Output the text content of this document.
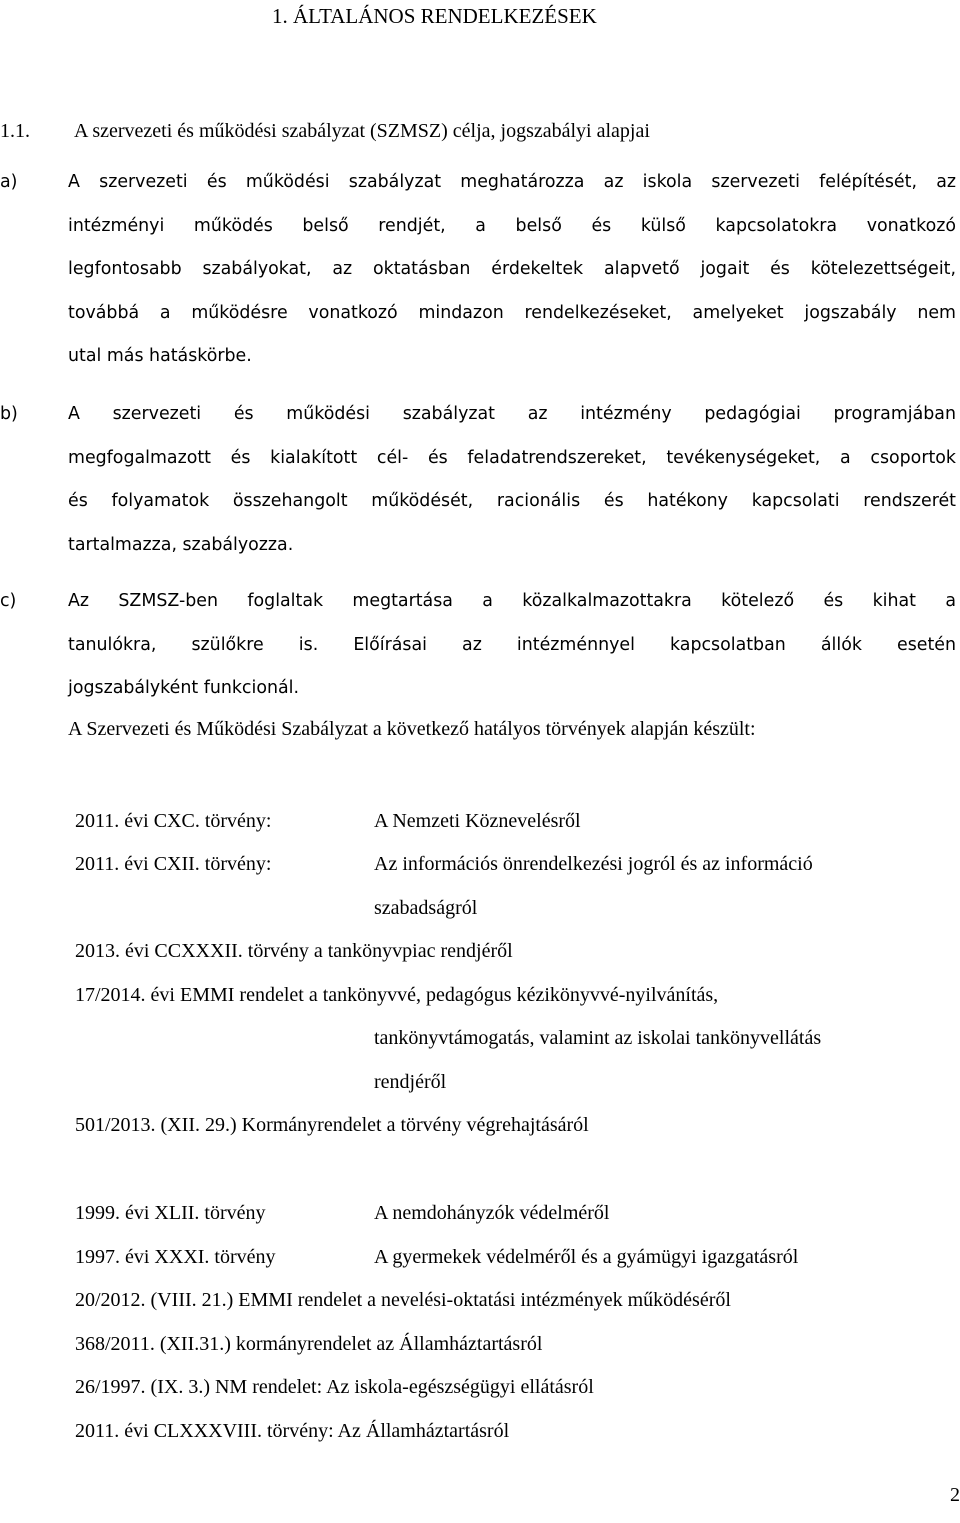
1. ÁLTALÁNOS RENDELKEZÉSEK
1.1. A szervezeti és működési szabályzat (SZMSZ) célja, jogszabályi alapjai
a)	A szervezeti és működési szabályzat meghatározza az iskola szervezeti felépítését, az
intézményi működés belső rendjét, a belső és külső kapcsolatokra vonatkozó
legfontosabb szabályokat, az oktatásban érdekeltek alapvető jogait és kötelezettségeit,
továbbá a működésre vonatkozó mindazon rendelkezéseket, amelyeket jogszabály nem
utal más hatáskörbe.
b)	A szervezeti és működési szabályzat az intézmény pedagógiai programjában
megfogalmazott és kialakított cél- és feladatrendszereket, tevékenységeket, a csoportok
és folyamatok összehangolt működését, racionális és hatékony kapcsolati rendszerét
tartalmazza, szabályozza.
c)	Az SZMSZ-ben foglaltak megtartása a közalkalmazottakra kötelező és kihat a
tanulókra, szülőkre is. Előírásai az intézménnyel kapcsolatban állók esetén
jogszabályként funkcionál.
A Szervezeti és Működési Szabályzat a következő hatályos törvények alapján készült:
2011. évi CXC. törvény:	A Nemzeti Köznevelésről
2011. évi CXII. törvény:	Az információs önrendelkezési jogról és az információ
szabadságról
2013. évi CCXXXII. törvény a tankönyvpiac rendjéről
17/2014. évi EMMI rendelet a tankönyvvé, pedagógus kézikönyvvé-nyilvánítás,
tankönyvtámogatás, valamint az iskolai tankönyvellátás
rendjéről
501/2013. (XII. 29.) Kormányrendelet a törvény végrehajtásáról
1999. évi XLII. törvény	A nemdohányzók védelméről
1997. évi XXXI. törvény	A gyermekek védelméről és a gyámügyi igazgatásról
20/2012. (VIII. 21.) EMMI rendelet a nevelési-oktatási intézmények működéséről
368/2011. (XII.31.) kormányrendelet az Államháztartásról
26/1997. (IX. 3.) NM rendelet: Az iskola-egészségügyi ellátásról
2011. évi CLXXXVIII. törvény: Az Államháztartásról
2
